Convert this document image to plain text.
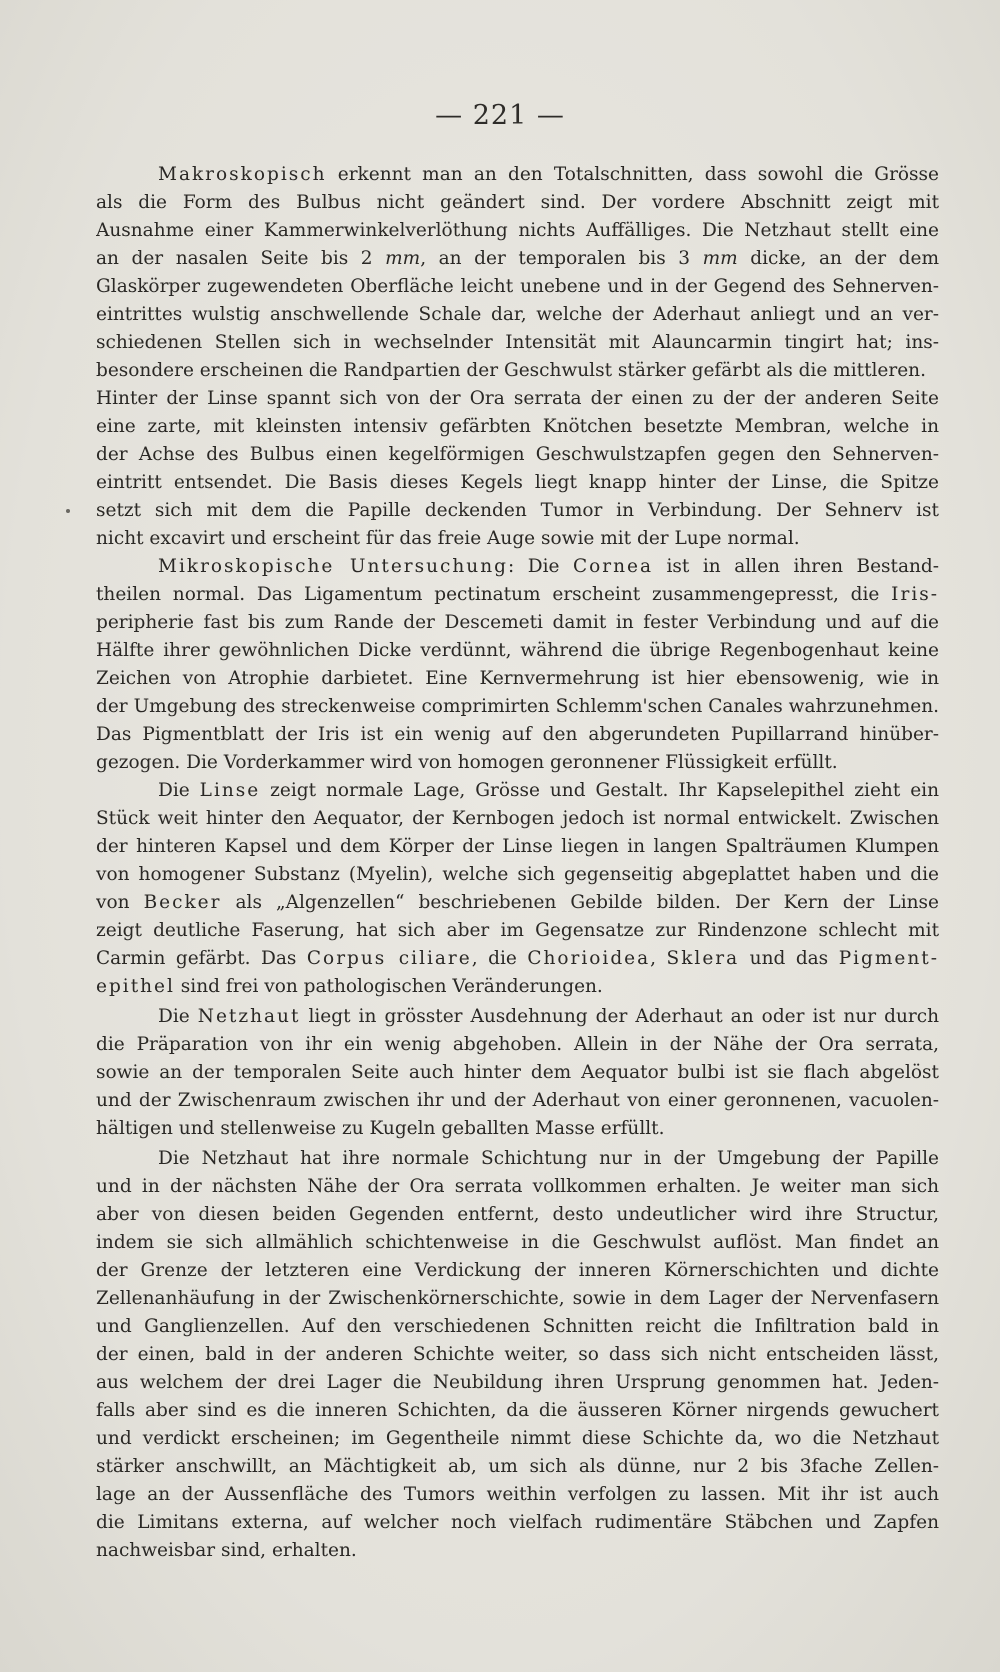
— 221 —
Makroskopisch erkennt man an den Totalschnitten, dass sowohl die Grösse
als die Form des Bulbus nicht geändert sind. Der vordere Abschnitt zeigt mit
Ausnahme einer Kammerwinkelverlöthung nichts Auffälliges. Die Netzhaut stellt eine
an der nasalen Seite bis 2 mm, an der temporalen bis 3 mm dicke, an der dem
Glaskörper zugewendeten Oberfläche leicht unebene und in der Gegend des Sehnerven-
eintrittes wulstig anschwellende Schale dar, welche der Aderhaut anliegt und an ver-
schiedenen Stellen sich in wechselnder Intensität mit Alauncarmin tingirt hat; ins-
besondere erscheinen die Randpartien der Geschwulst stärker gefärbt als die mittleren.
Hinter der Linse spannt sich von der Ora serrata der einen zu der der anderen Seite
eine zarte, mit kleinsten intensiv gefärbten Knötchen besetzte Membran, welche in
der Achse des Bulbus einen kegelförmigen Geschwulstzapfen gegen den Sehnerven-
eintritt entsendet. Die Basis dieses Kegels liegt knapp hinter der Linse, die Spitze
setzt sich mit dem die Papille deckenden Tumor in Verbindung. Der Sehnerv ist
nicht excavirt und erscheint für das freie Auge sowie mit der Lupe normal.
Mikroskopische Untersuchung: Die Cornea ist in allen ihren Bestand-
theilen normal. Das Ligamentum pectinatum erscheint zusammengepresst, die Iris-
peripherie fast bis zum Rande der Descemeti damit in fester Verbindung und auf die
Hälfte ihrer gewöhnlichen Dicke verdünnt, während die übrige Regenbogenhaut keine
Zeichen von Atrophie darbietet. Eine Kernvermehrung ist hier ebensowenig, wie in
der Umgebung des streckenweise comprimirten Schlemm'schen Canales wahrzunehmen.
Das Pigmentblatt der Iris ist ein wenig auf den abgerundeten Pupillarrand hinüber-
gezogen. Die Vorderkammer wird von homogen geronnener Flüssigkeit erfüllt.
Die Linse zeigt normale Lage, Grösse und Gestalt. Ihr Kapselepithel zieht ein
Stück weit hinter den Aequator, der Kernbogen jedoch ist normal entwickelt. Zwischen
der hinteren Kapsel und dem Körper der Linse liegen in langen Spalträumen Klumpen
von homogener Substanz (Myelin), welche sich gegenseitig abgeplattet haben und die
von Becker als „Algenzellen“ beschriebenen Gebilde bilden. Der Kern der Linse
zeigt deutliche Faserung, hat sich aber im Gegensatze zur Rindenzone schlecht mit
Carmin gefärbt. Das Corpus ciliare, die Chorioidea, Sklera und das Pigment-
epithel sind frei von pathologischen Veränderungen.
Die Netzhaut liegt in grösster Ausdehnung der Aderhaut an oder ist nur durch
die Präparation von ihr ein wenig abgehoben. Allein in der Nähe der Ora serrata,
sowie an der temporalen Seite auch hinter dem Aequator bulbi ist sie flach abgelöst
und der Zwischenraum zwischen ihr und der Aderhaut von einer geronnenen, vacuolen-
hältigen und stellenweise zu Kugeln geballten Masse erfüllt.
Die Netzhaut hat ihre normale Schichtung nur in der Umgebung der Papille
und in der nächsten Nähe der Ora serrata vollkommen erhalten. Je weiter man sich
aber von diesen beiden Gegenden entfernt, desto undeutlicher wird ihre Structur,
indem sie sich allmählich schichtenweise in die Geschwulst auflöst. Man findet an
der Grenze der letzteren eine Verdickung der inneren Körnerschichten und dichte
Zellenanhäufung in der Zwischenkörnerschichte, sowie in dem Lager der Nervenfasern
und Ganglienzellen. Auf den verschiedenen Schnitten reicht die Infiltration bald in
der einen, bald in der anderen Schichte weiter, so dass sich nicht entscheiden lässt,
aus welchem der drei Lager die Neubildung ihren Ursprung genommen hat. Jeden-
falls aber sind es die inneren Schichten, da die äusseren Körner nirgends gewuchert
und verdickt erscheinen; im Gegentheile nimmt diese Schichte da, wo die Netzhaut
stärker anschwillt, an Mächtigkeit ab, um sich als dünne, nur 2 bis 3fache Zellen-
lage an der Aussenfläche des Tumors weithin verfolgen zu lassen. Mit ihr ist auch
die Limitans externa, auf welcher noch vielfach rudimentäre Stäbchen und Zapfen
nachweisbar sind, erhalten.
